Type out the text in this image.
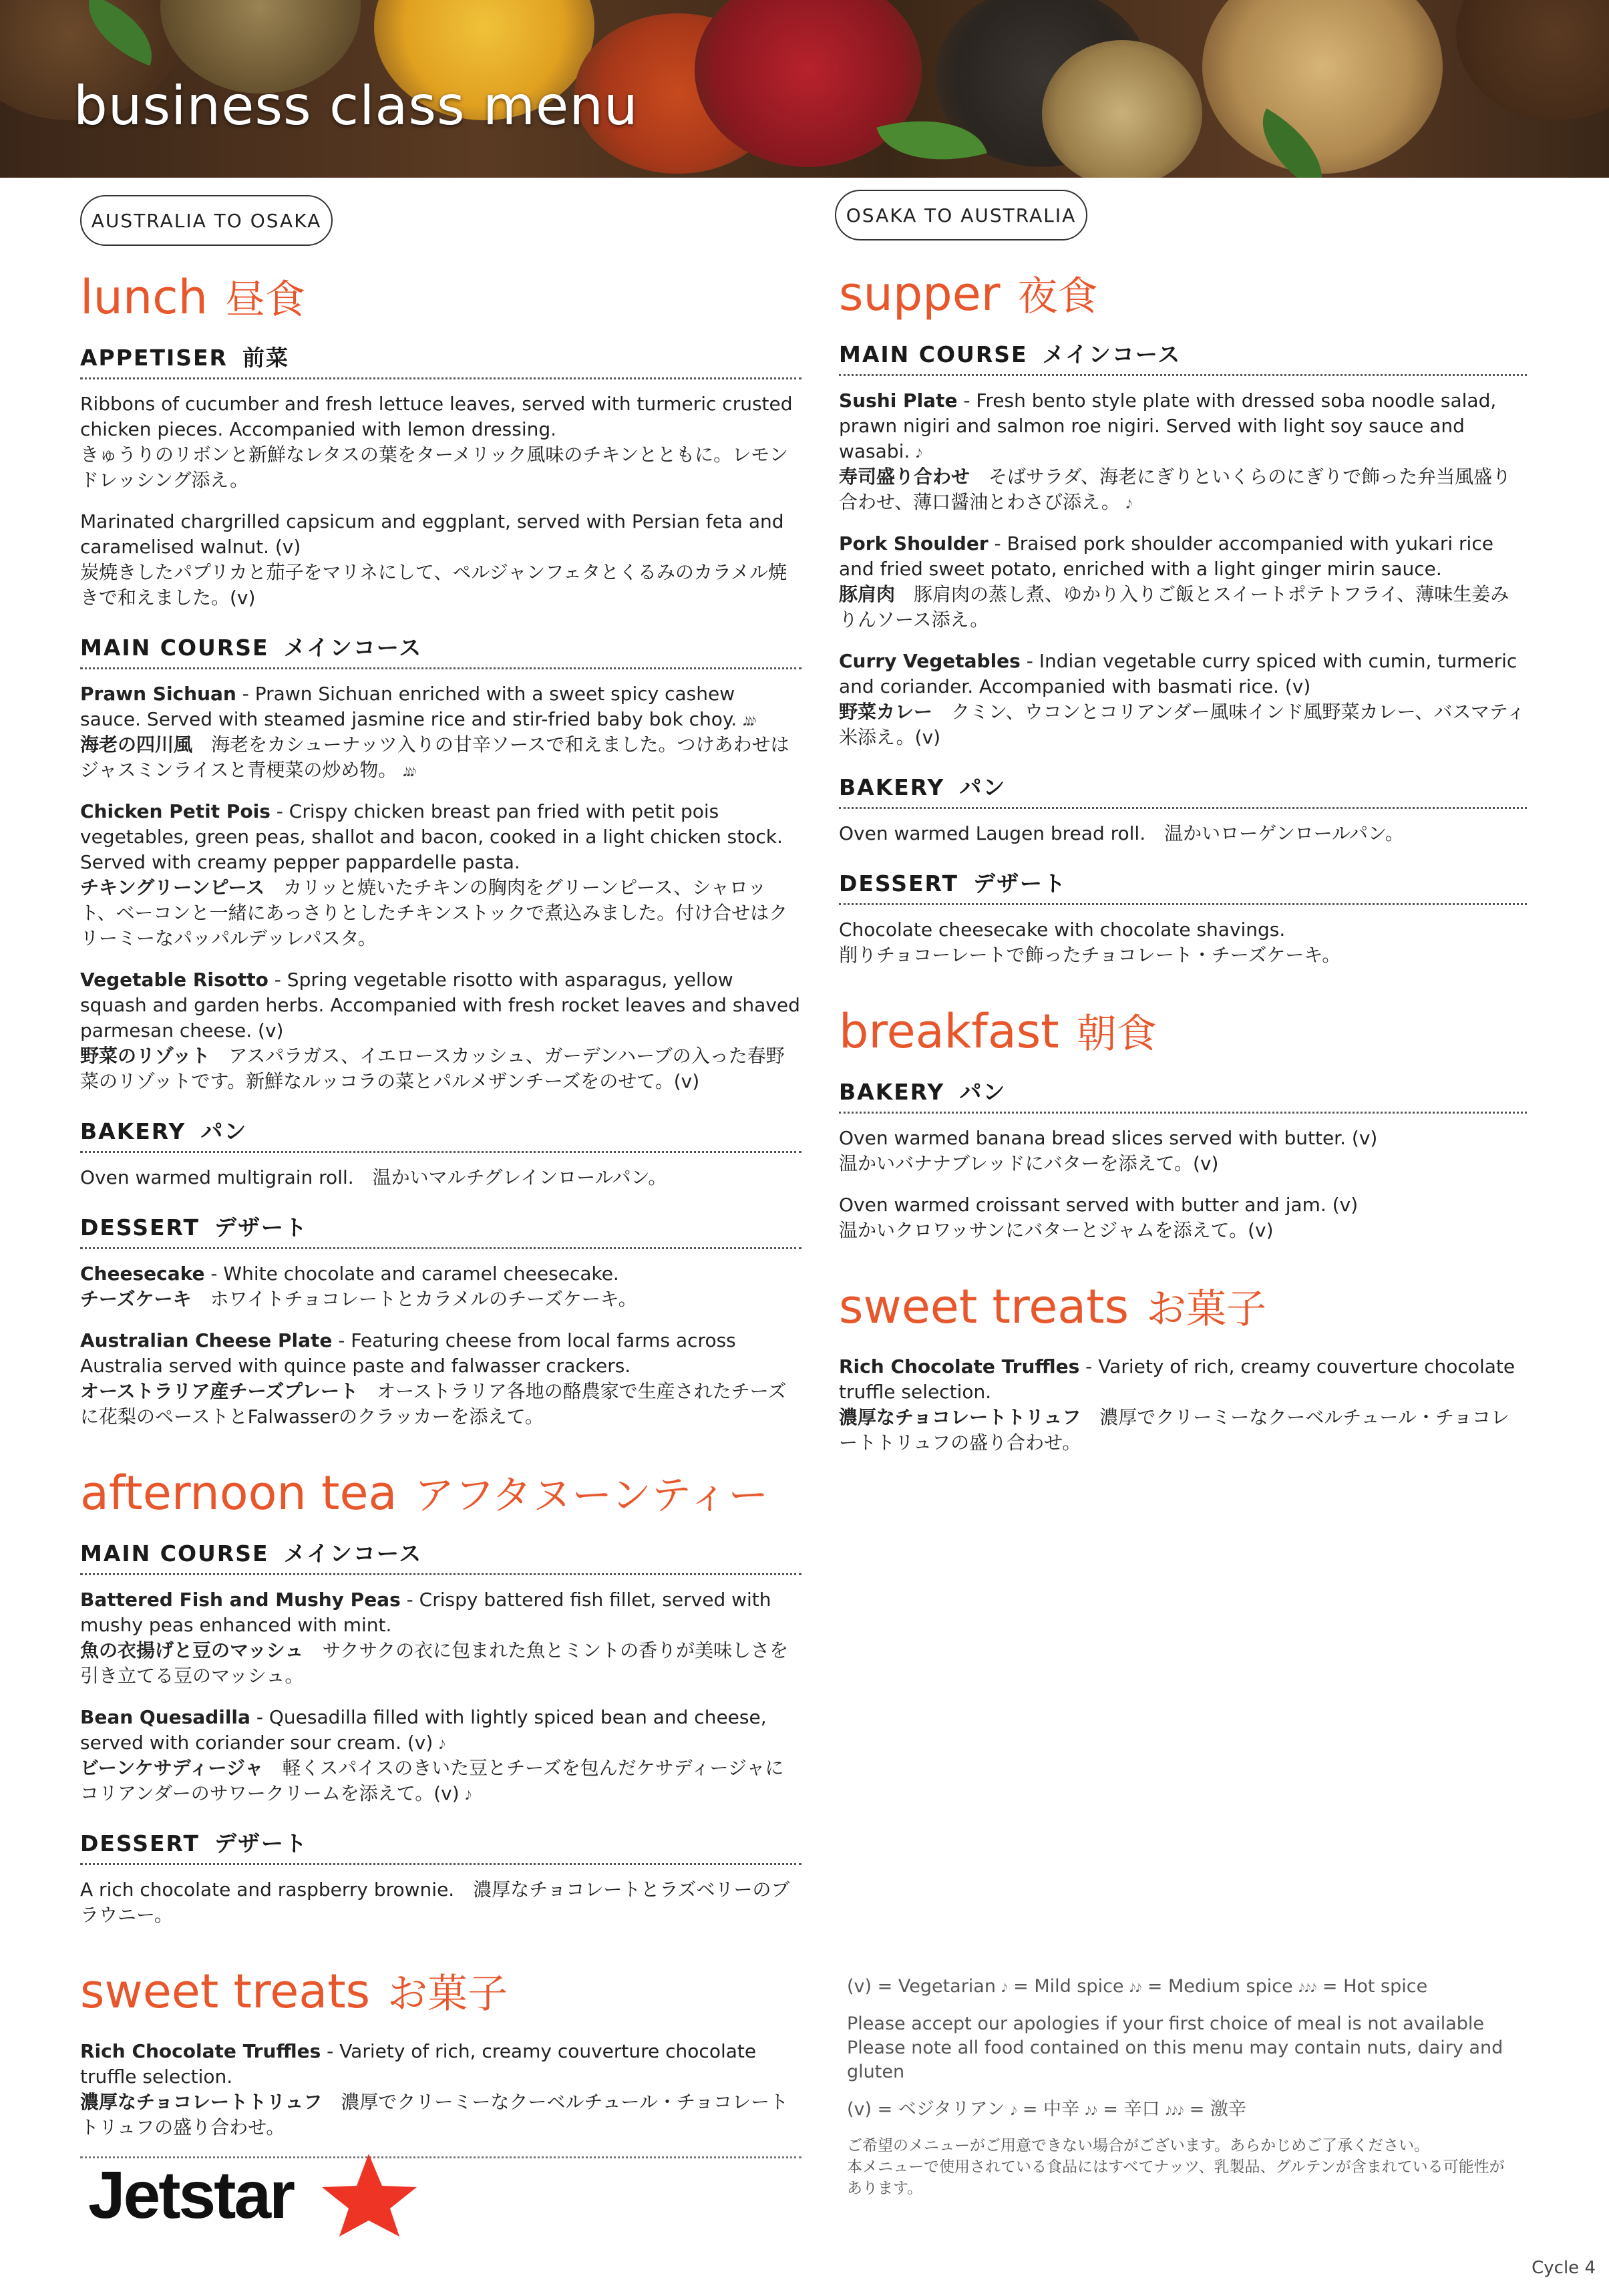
business class menu
AUSTRALIA TO OSAKA	OSAKA TO AUSTRALIA
lunch 昼食
APPETISER 前菜
Ribbons of cucumber and fresh lettuce leaves, served with turmeric crusted chicken pieces. Accompanied with lemon dressing.
きゅうりのリボンと新鮮なレタスの葉をターメリック風味のチキンとともに。レモンドレッシング添え。
Marinated chargrilled capsicum and eggplant, served with Persian feta and caramelised walnut. (v)
炭焼きしたパプリカと茄子をマリネにして、ペルジャンフェタとくるみのカラメル焼きで和えました。(v)
MAIN COURSE メインコース
Prawn Sichuan - Prawn Sichuan enriched with a sweet spicy cashew sauce. Served with steamed jasmine rice and stir-fried baby bok choy. 𝆕𝆕𝆕
海老の四川風　 海老をカシューナッツ入りの甘辛ソースで和えました。つけあわせはジャスミンライスと青梗菜の炒め物。 𝆕𝆕𝆕
Chicken Petit Pois - Crispy chicken breast pan fried with petit pois vegetables, green peas, shallot and bacon, cooked in a light chicken stock. Served with creamy pepper pappardelle pasta.
チキングリーンピース　 カリッと焼いたチキンの胸肉をグリーンピース、シャロット、ベーコンと一緒にあっさりとしたチキンストックで煮込みました。付け合せはクリーミーなパッパルデッレパスタ。
Vegetable Risotto - Spring vegetable risotto with asparagus, yellow squash and garden herbs. Accompanied with fresh rocket leaves and shaved parmesan cheese. (v)
野菜のリゾット　 アスパラガス、イエロースカッシュ、ガーデンハーブの入った春野菜のリゾットです。新鮮なルッコラの菜とパルメザンチーズをのせて。(v)
BAKERY パン
Oven warmed multigrain roll.　 温かいマルチグレインロールパン。
DESSERT デザート
Cheesecake - White chocolate and caramel cheesecake.
チーズケーキ　 ホワイトチョコレートとカラメルのチーズケーキ。
Australian Cheese Plate - Featuring cheese from local farms across Australia served with quince paste and falwasser crackers.
オーストラリア産チーズプレート　 オーストラリア各地の酪農家で生産されたチーズに花梨のペーストとFalwasserのクラッカーを添えて。
afternoon tea アフタヌーンティー
MAIN COURSE メインコース
Battered Fish and Mushy Peas - Crispy battered fish fillet, served with mushy peas enhanced with mint.
魚の衣揚げと豆のマッシュ　 サクサクの衣に包まれた魚とミントの香りが美味しさを引き立てる豆のマッシュ。
Bean Quesadilla - Quesadilla filled with lightly spiced bean and cheese, served with coriander sour cream. (v) 𝆕
ビーンケサディージャ　 軽くスパイスのきいた豆とチーズを包んだケサディージャにコリアンダーのサワークリームを添えて。(v) 𝆕
DESSERT デザート
A rich chocolate and raspberry brownie.　 濃厚なチョコレートとラズベリーのブラウニー。
sweet treats お菓子
Rich Chocolate Truffles - Variety of rich, creamy couverture chocolate truffle selection.
濃厚なチョコレートトリュフ　 濃厚でクリーミーなクーベルチュール・チョコレートトリュフの盛り合わせ。
supper 夜食
MAIN COURSE メインコース
Sushi Plate - Fresh bento style plate with dressed soba noodle salad, prawn nigiri and salmon roe nigiri. Served with light soy sauce and wasabi. 𝆕
寿司盛り合わせ　 そばサラダ、海老にぎりといくらのにぎりで飾った弁当風盛り合わせ、薄口醤油とわさび添え。 𝆕
Pork Shoulder - Braised pork shoulder accompanied with yukari rice and fried sweet potato, enriched with a light ginger mirin sauce.
豚肩肉　 豚肩肉の蒸し煮、ゆかり入りご飯とスイートポテトフライ、薄味生姜みりんソース添え。
Curry Vegetables - Indian vegetable curry spiced with cumin, turmeric and coriander. Accompanied with basmati rice. (v)
野菜カレー　 クミン、ウコンとコリアンダー風味インド風野菜カレー、バスマティ米添え。(v)
BAKERY パン
Oven warmed Laugen bread roll.　 温かいローゲンロールパン。
DESSERT デザート
Chocolate cheesecake with chocolate shavings.
削りチョコーレートで飾ったチョコレート・チーズケーキ。
breakfast 朝食
BAKERY パン
Oven warmed banana bread slices served with butter. (v)
温かいバナナブレッドにバターを添えて。(v)
Oven warmed croissant served with butter and jam. (v)
温かいクロワッサンにバターとジャムを添えて。(v)
sweet treats お菓子
Rich Chocolate Truffles - Variety of rich, creamy couverture chocolate truffle selection.
濃厚なチョコレートトリュフ　 濃厚でクリーミーなクーベルチュール・チョコレートトリュフの盛り合わせ。

(v) = Vegetarian 𝆕 = Mild spice 𝆕𝆕 = Medium spice 𝆕𝆕𝆕 = Hot spice

Please accept our apologies if your first choice of meal is not available
Please note all food contained on this menu may contain nuts, dairy and gluten

(v) = ベジタリアン 𝆕 = 中辛 𝆕𝆕 = 辛口 𝆕𝆕𝆕 = 激辛

ご希望のメニューがご用意できない場合がございます。あらかじめご了承ください。
本メニューで使用されている食品にはすべてナッツ、乳製品、グルテンが含まれている可能性があります。

Jetstar
Cycle 4
